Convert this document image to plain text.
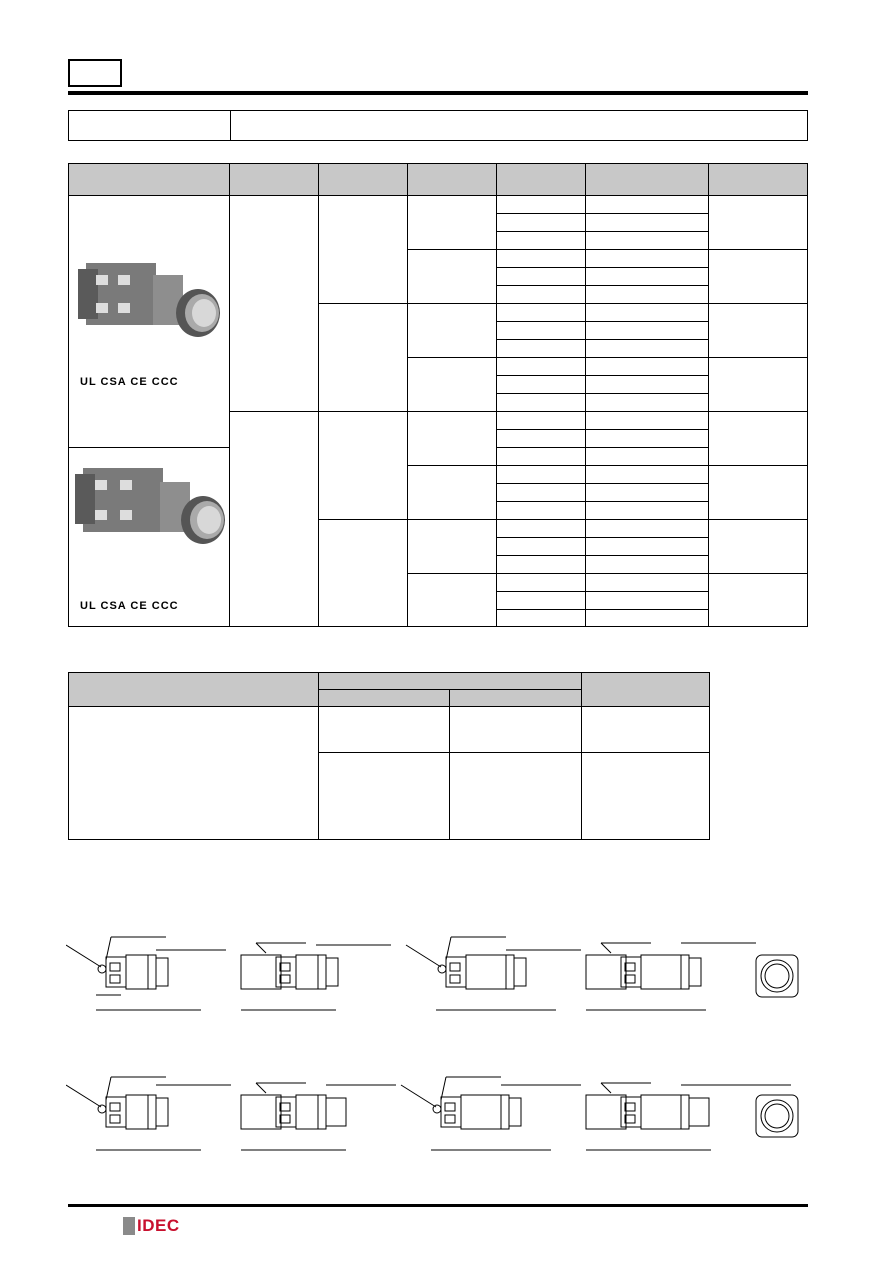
UL CSA CE CCC
UL CSA CE CCC

IDEC
